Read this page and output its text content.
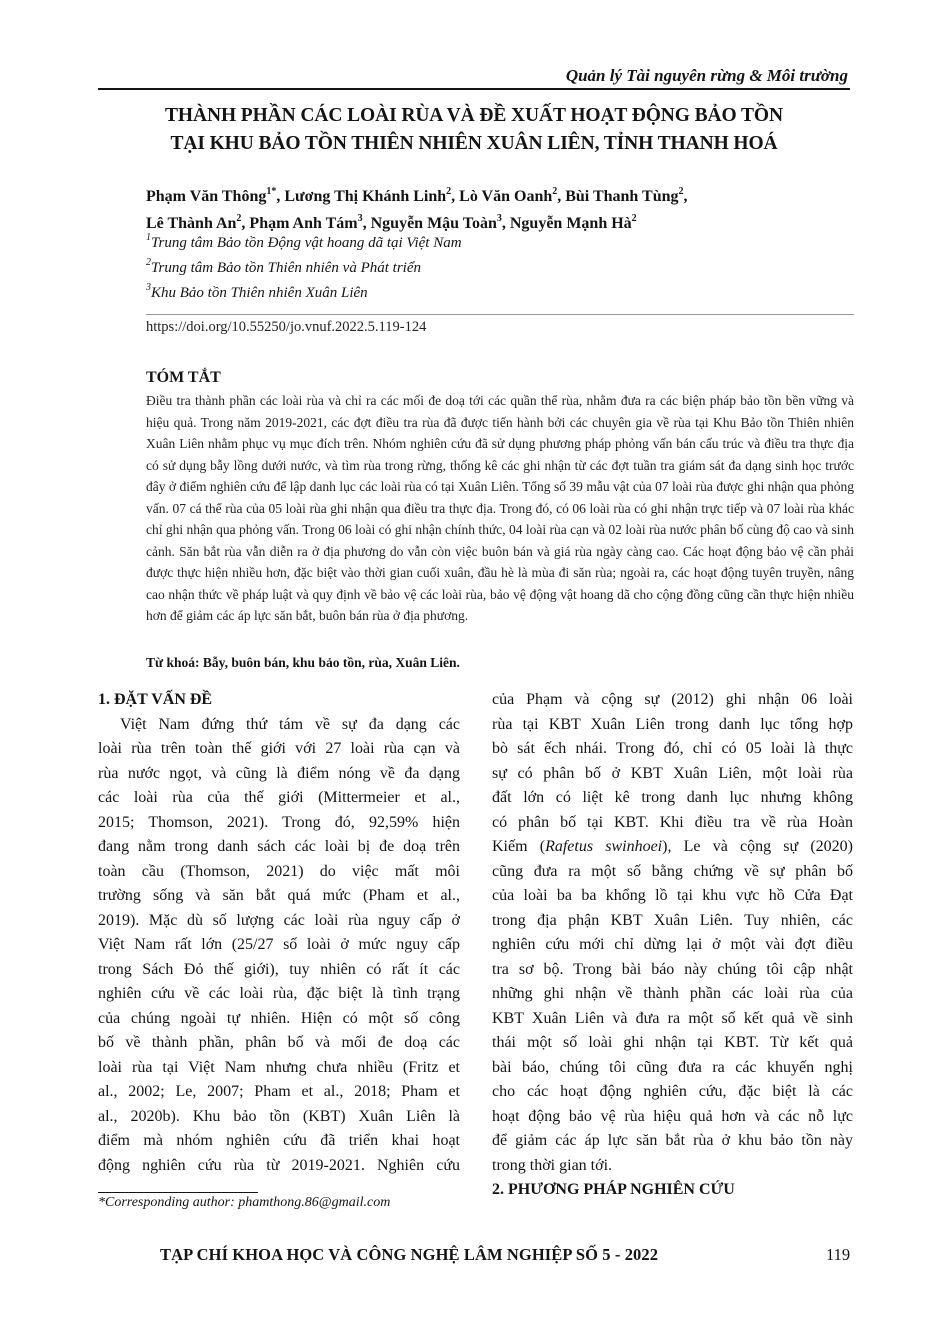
Quản lý Tài nguyên rừng & Môi trường
THÀNH PHẦN CÁC LOÀI RÙA VÀ ĐỀ XUẤT HOẠT ĐỘNG BẢO TỒN
TẠI KHU BẢO TỒN THIÊN NHIÊN XUÂN LIÊN, TỈNH THANH HOÁ
Phạm Văn Thông$^{1*}$, Lương Thị Khánh Linh$^2$, Lò Văn Oanh$^2$, Bùi Thanh Tùng$^2$,
Lê Thành An$^2$, Phạm Anh Tám$^3$, Nguyễn Mậu Toàn$^3$, Nguyễn Mạnh $Hà^2$
$^1$Trung tâm Bảo tồn Động vật hoang dã tại Việt Nam
$^2$Trung tâm Bảo tồn Thiên nhiên và Phát triển
$^3$Khu Bảo tồn Thiên nhiên Xuân Liên
https://doi.org/10.55250/jo.vnuf.2022.5.119-124
TÓM TẮT
Điều tra thành phần các loài rùa và chỉ ra các mối đe doạ tới các quần thể rùa, nhằm đưa ra các biện pháp bảo tồn bền vững và hiệu quả. Trong năm 2019-2021, các đợt điều tra rùa đã được tiến hành bởi các chuyên gia về rùa tại Khu Bảo tồn Thiên nhiên Xuân Liên nhằm phục vụ mục đích trên. Nhóm nghiên cứu đã sử dụng phương pháp phỏng vấn bán cấu trúc và điều tra thực địa có sử dụng bẫy lồng dưới nước, và tìm rùa trong rừng, thống kê các ghi nhận từ các đợt tuần tra giám sát đa dạng sinh học trước đây ở điểm nghiên cứu để lập danh lục các loài rùa có tại Xuân Liên. Tổng số 39 mẫu vật của 07 loài rùa được ghi nhận qua phỏng vấn. 07 cá thể rùa của 05 loài rùa ghi nhận qua điều tra thực địa. Trong đó, có 06 loài rùa có ghi nhận trực tiếp và 07 loài rùa khác chỉ ghi nhận qua phỏng vấn. Trong 06 loài có ghi nhận chính thức, 04 loài rùa cạn và 02 loài rùa nước phân bố cùng độ cao và sinh cảnh. Săn bắt rùa vẫn diễn ra ở địa phương do vẫn còn việc buôn bán và giá rùa ngày càng cao. Các hoạt động bảo vệ cần phải được thực hiện nhiều hơn, đặc biệt vào thời gian cuối xuân, đầu hè là mùa đi săn rùa; ngoài ra, các hoạt động tuyên truyền, nâng cao nhận thức về pháp luật và quy định về bảo vệ các loài rùa, bảo vệ động vật hoang dã cho cộng đồng cũng cần thực hiện nhiều hơn để giảm các áp lực săn bắt, buôn bán rùa ở địa phương.
Từ khoá: Bẫy, buôn bán, khu bảo tồn, rùa, Xuân Liên.
1. ĐẶT VẤN ĐỀ
Việt Nam đứng thứ tám về sự đa dạng các
loài rùa trên toàn thế giới với 27 loài rùa cạn và
rùa nước ngọt, và cũng là điểm nóng về đa dạng
các loài rùa của thế giới (Mittermeier et al.,
2015; Thomson, 2021). Trong đó, 92,59% hiện
đang nằm trong danh sách các loài bị đe doạ trên
toàn cầu (Thomson, 2021) do việc mất môi
trường sống và săn bắt quá mức (Pham et al.,
2019). Mặc dù số lượng các loài rùa nguy cấp ở
Việt Nam rất lớn (25/27 số loài ở mức nguy cấp
trong Sách Đỏ thế giới), tuy nhiên có rất ít các
nghiên cứu về các loài rùa, đặc biệt là tình trạng
của chúng ngoài tự nhiên. Hiện có một số công
bố về thành phần, phân bố và mối đe doạ các
loài rùa tại Việt Nam nhưng chưa nhiều (Fritz et
al., 2002; Le, 2007; Pham et al., 2018; Pham et
al., 2020b). Khu bảo tồn (KBT) Xuân Liên là
điểm mà nhóm nghiên cứu đã triển khai hoạt
động nghiên cứu rùa từ 2019-2021. Nghiên cứu
của Phạm và cộng sự (2012) ghi nhận 06 loài
rùa tại KBT Xuân Liên trong danh lục tổng hợp
bò sát ếch nhái. Trong đó, chỉ có 05 loài là thực
sự có phân bố ở KBT Xuân Liên, một loài rùa
đất lớn có liệt kê trong danh lục nhưng không
có phân bố tại KBT. Khi điều tra về rùa Hoàn
Kiếm (Rafetus swinhoei), Le và cộng sự (2020)
cũng đưa ra một số bằng chứng về sự phân bố
của loài ba ba khổng lồ tại khu vực hồ Cửa Đạt
trong địa phận KBT Xuân Liên. Tuy nhiên, các
nghiên cứu mới chỉ dừng lại ở một vài đợt điều
tra sơ bộ. Trong bài báo này chúng tôi cập nhật
những ghi nhận về thành phần các loài rùa của
KBT Xuân Liên và đưa ra một số kết quả về sinh
thái một số loài ghi nhận tại KBT. Từ kết quả
bài báo, chúng tôi cũng đưa ra các khuyến nghị
cho các hoạt động nghiên cứu, đặc biệt là các
hoạt động bảo vệ rùa hiệu quả hơn và các nỗ lực
để giảm các áp lực săn bắt rùa ở khu bảo tồn này
trong thời gian tới.
2. PHƯƠNG PHÁP NGHIÊN CỨU
*Corresponding author: phamthong.86@gmail.com
TẠP CHÍ KHOA HỌC VÀ CÔNG NGHỆ LÂM NGHIỆP SỐ 5 - 2022	119
